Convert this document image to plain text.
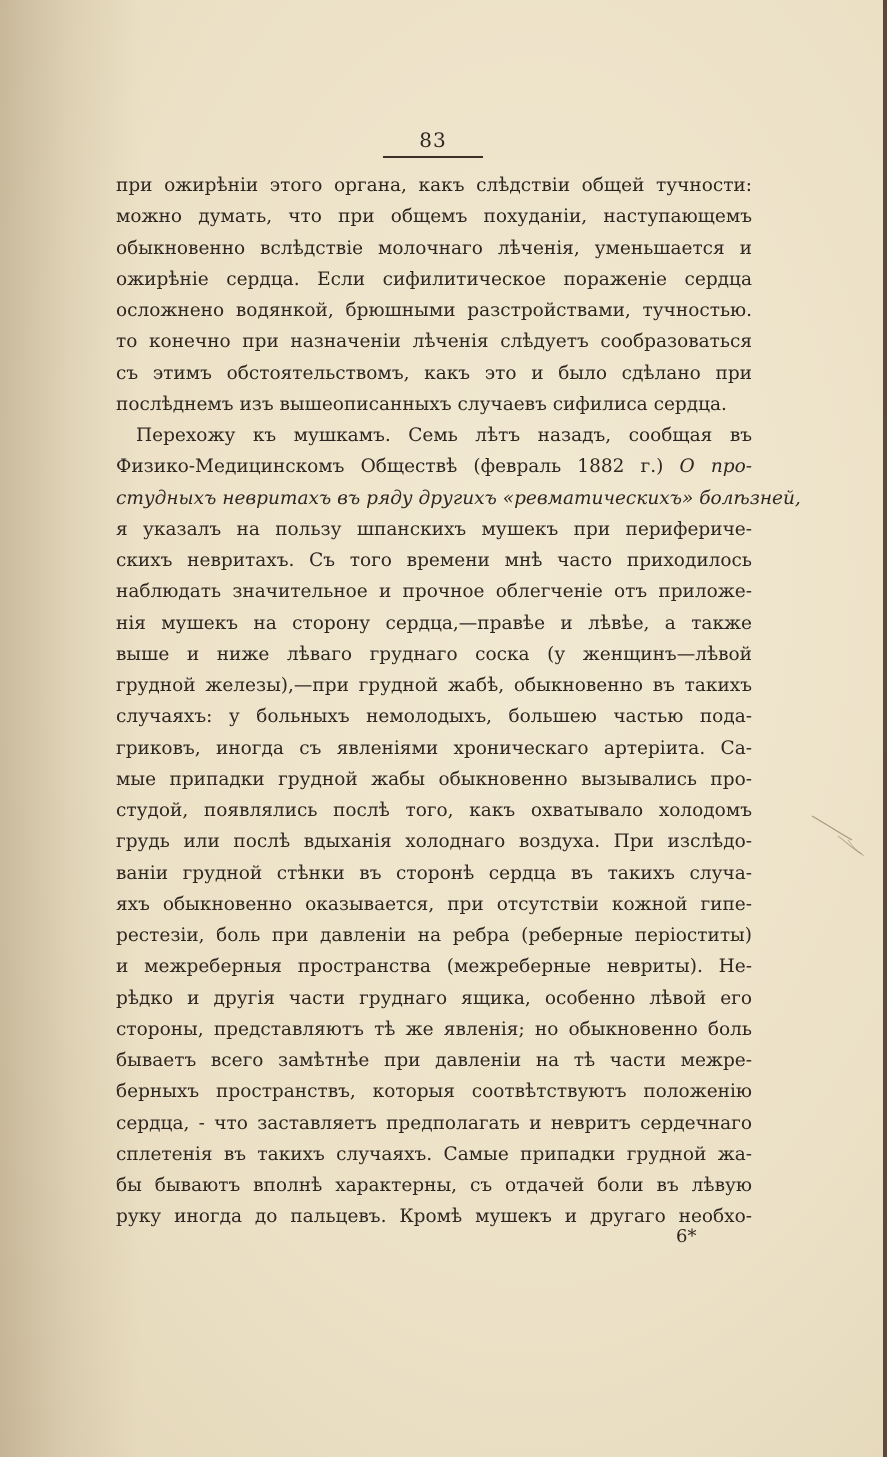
83
при ожирѣніи этого органа, какъ слѣдствіи общей тучности:
можно думать, что при общемъ похуданіи, наступающемъ
обыкновенно вслѣдствіе молочнаго лѣченія, уменьшается и
ожирѣніе сердца. Если сифилитическое пораженіе сердца
осложнено водянкой, брюшными разстройствами, тучностью.
то конечно при назначеніи лѣченія слѣдуетъ сообразоваться
съ этимъ обстоятельствомъ, какъ это и было сдѣлано при
послѣднемъ изъ вышеописанныхъ случаевъ сифилиса сердца.
Перехожу къ мушкамъ. Семь лѣтъ назадъ, сообщая въ
Физико-Медицинскомъ Обществѣ (февраль 1882 г.) О про-
студныхъ невритахъ въ ряду другихъ «ревматическихъ» болѣзней,
я указалъ на пользу шпанскихъ мушекъ при перифериче-
скихъ невритахъ. Съ того времени мнѣ часто приходилось
наблюдать значительное и прочное облегченіе отъ приложе-
нія мушекъ на сторону сердца,—правѣе и лѣвѣе, а также
выше и ниже лѣваго груднаго соска (у женщинъ—лѣвой
грудной железы),—при грудной жабѣ, обыкновенно въ такихъ
случаяхъ: у больныхъ немолодыхъ, большею частью пода-
гриковъ, иногда съ явленіями хроническаго артеріита. Са-
мые припадки грудной жабы обыкновенно вызывались про-
студой, появлялись послѣ того, какъ охватывало холодомъ
грудь или послѣ вдыханія холоднаго воздуха. При изслѣдо-
ваніи грудной стѣнки въ сторонѣ сердца въ такихъ случа-
яхъ обыкновенно оказывается, при отсутствіи кожной гипе-
рестезіи, боль при давленіи на ребра (реберные періоститы)
и межреберныя пространства (межреберные невриты). Не-
рѣдко и другія части груднаго ящика, особенно лѣвой его
стороны, представляютъ тѣ же явленія; но обыкновенно боль
бываетъ всего замѣтнѣе при давленіи на тѣ части межре-
берныхъ пространствъ, которыя соотвѣтствуютъ положенію
сердца, - что заставляетъ предполагать и невритъ сердечнаго
сплетенія въ такихъ случаяхъ. Самые припадки грудной жа-
бы бываютъ вполнѣ характерны, съ отдачей боли въ лѣвую
руку иногда до пальцевъ. Кромѣ мушекъ и другаго необхо-
6*
